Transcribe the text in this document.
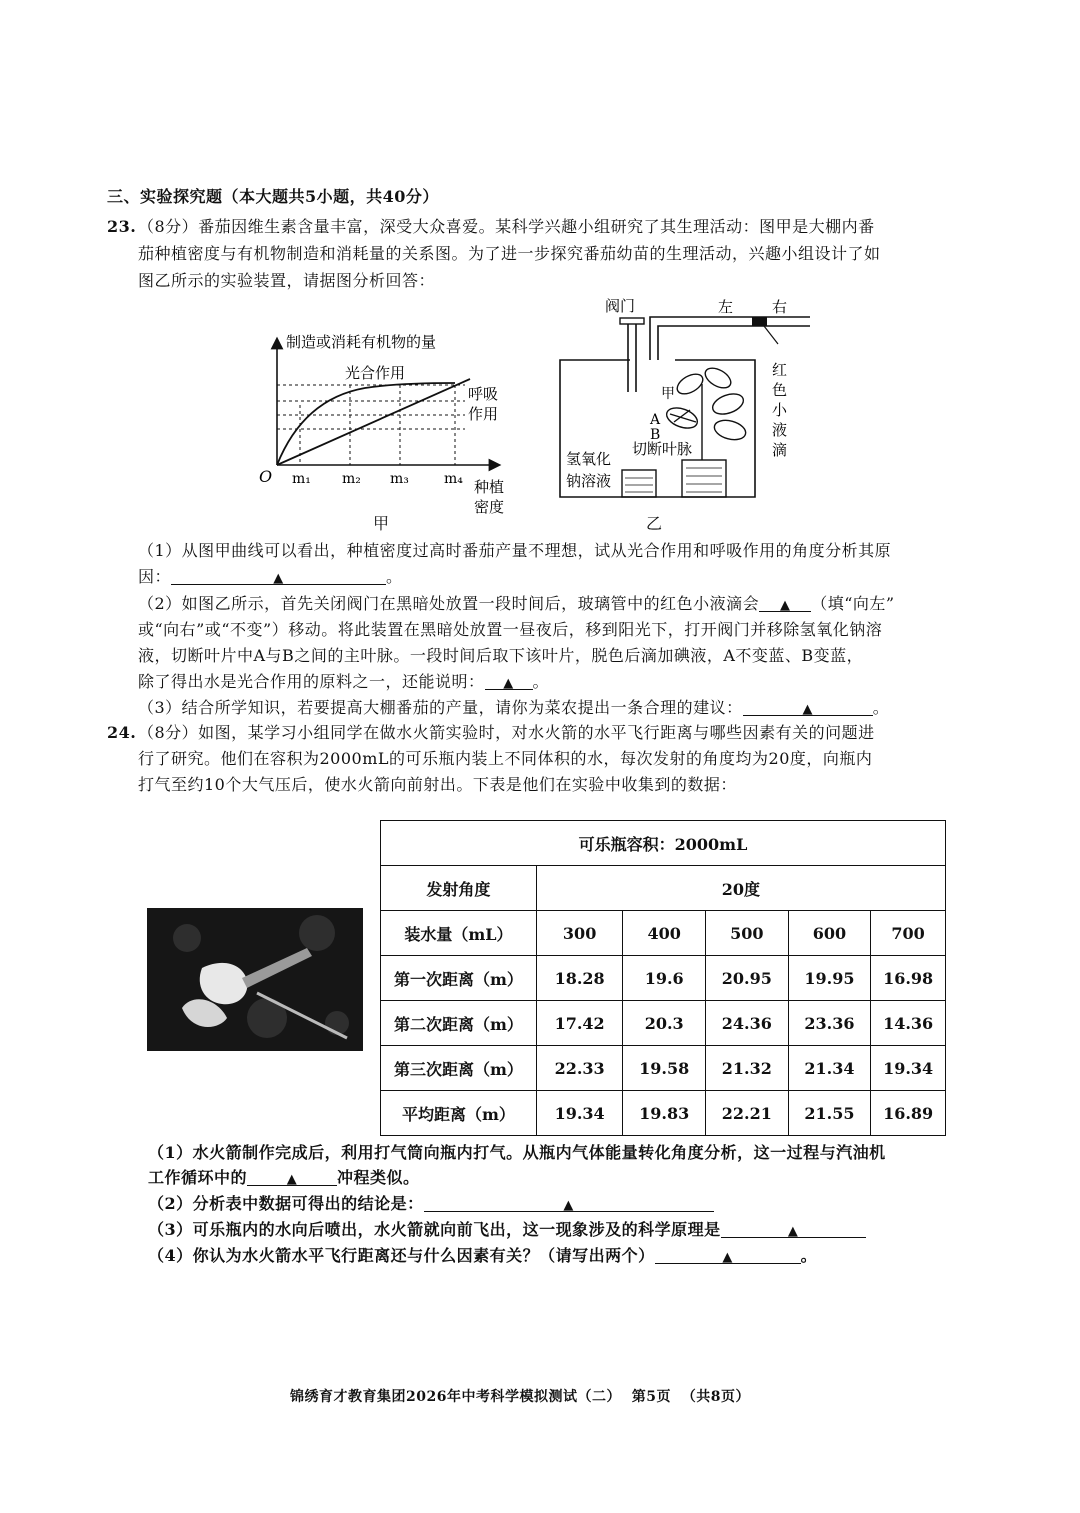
三、实验探究题（本大题共5小题，共40分）
23. （8分）番茄因维生素含量丰富，深受大众喜爱。某科学兴趣小组研究了其生理活动：图甲是大棚内番
茄种植密度与有机物制造和消耗量的关系图。为了进一步探究番茄幼苗的生理活动，兴趣小组设计了如
图乙所示的实验装置，请据图分析回答：
制造或消耗有机物的量
光合作用
呼吸
作用
O m₁ m₂ m₃	m₄ 种植
密度
甲
阀门	左	右
红
色
小
液
滴
甲
A
B
切断叶脉
氢氧化
钠溶液
乙
（1）从图甲曲线可以看出，种植密度过高时番茄产量不理想，试从光合作用和呼吸作用的角度分析其原
因：	▲	。
（2）如图乙所示，首先关闭阀门在黑暗处放置一段时间后，玻璃管中的红色小液滴会 ▲ （填“向左”
或“向右”或“不变”）移动。将此装置在黑暗处放置一昼夜后，移到阳光下，打开阀门并移除氢氧化钠溶
液，切断叶片中A与B之间的主叶脉。一段时间后取下该叶片，脱色后滴加碘液，A不变蓝、B变蓝，
除了得出水是光合作用的原料之一，还能说明： ▲ 。
（3）结合所学知识，若要提高大棚番茄的产量，请你为菜农提出一条合理的建议：	▲	。
24. （8分）如图，某学习小组同学在做水火箭实验时，对水火箭的水平飞行距离与哪些因素有关的问题进
行了研究。他们在容积为2000mL的可乐瓶内装上不同体积的水，每次发射的角度均为20度，向瓶内
打气至约10个大气压后，使水火箭向前射出。下表是他们在实验中收集到的数据：
可乐瓶容积：2000mL					
发射角度	20度				
装水量（mL）	300	400	500	600	700
第一次距离（m）	18.28	19.6	20.95	19.95	16.98
第二次距离（m）	17.42	20.3	24.36	23.36	14.36
第三次距离（m）	22.33	19.58	21.32	21.34	19.34
平均距离（m）	19.34	19.83	22.21	21.55	16.89
（1）水火箭制作完成后，利用打气筒向瓶内打气。从瓶内气体能量转化角度分析，这一过程与汽油机
工作循环中的	▲ 冲程类似。
（2）分析表中数据可得出的结论是：	▲
（3）可乐瓶内的水向后喷出，水火箭就向前飞出，这一现象涉及的科学原理是	▲
（4）你认为水火箭水平飞行距离还与什么因素有关？（请写出两个）	▲	。
锦绣育才教育集团2026年中考科学模拟测试（二）  第5页  （共8页）
